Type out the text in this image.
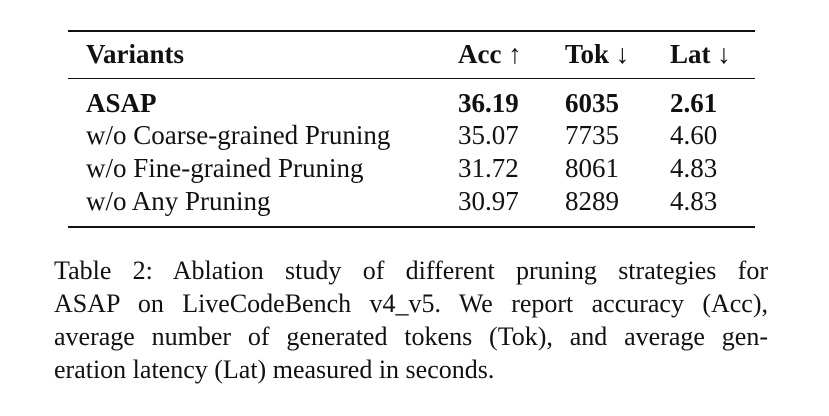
Variants	Acc ↑ Tok ↓ Lat ↓
ASAP	36.19 6035 2.61
w/o Coarse-grained Pruning	35.07 7735 4.60
w/o Fine-grained Pruning	31.72 8061 4.83
w/o Any Pruning	30.97 8289 4.83
Table 2: Ablation study of different pruning strategies for
ASAP on LiveCodeBench v4_v5. We report accuracy (Acc),
average number of generated tokens (Tok), and average gen-
eration latency (Lat) measured in seconds.
